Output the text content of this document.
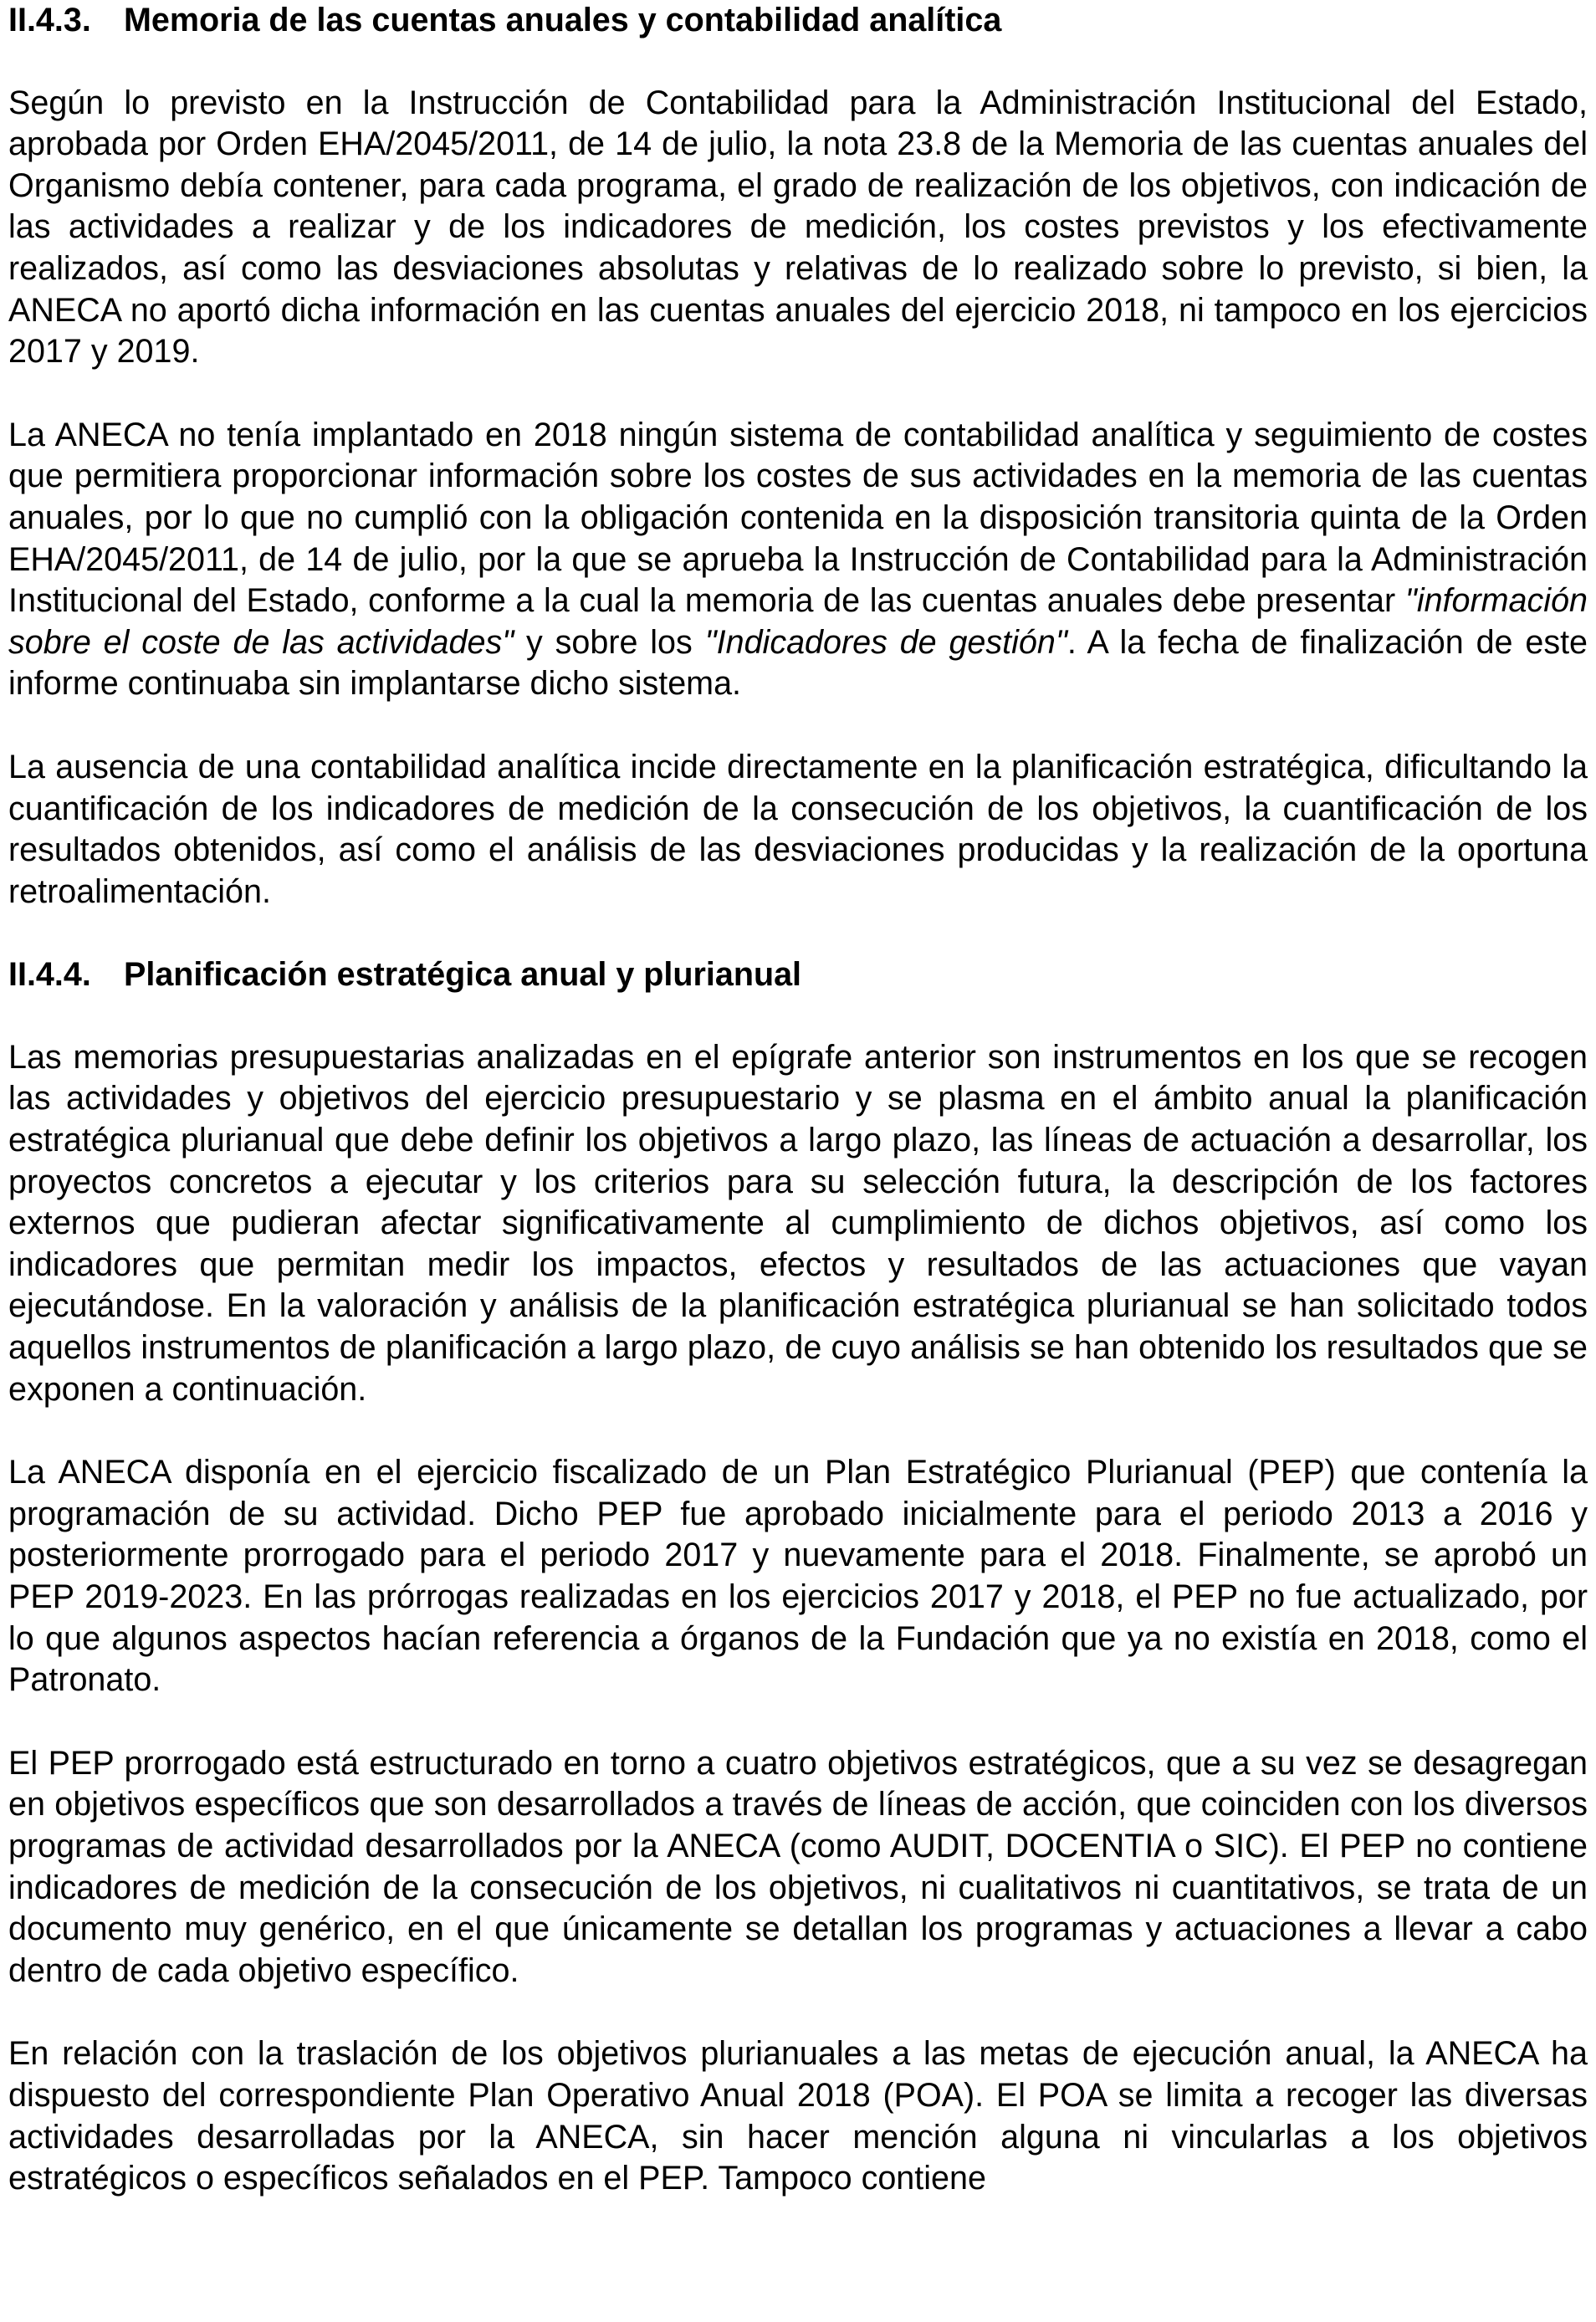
II.4.3. Memoria de las cuentas anuales y contabilidad analítica

Según lo previsto en la Instrucción de Contabilidad para la Administración Institucional del Estado, aprobada por Orden EHA/2045/2011, de 14 de julio, la nota 23.8 de la Memoria de las cuentas anuales del Organismo debía contener, para cada programa, el grado de realización de los objetivos, con indicación de las actividades a realizar y de los indicadores de medición, los costes previstos y los efectivamente realizados, así como las desviaciones absolutas y relativas de lo realizado sobre lo previsto, si bien, la ANECA no aportó dicha información en las cuentas anuales del ejercicio 2018, ni tampoco en los ejercicios 2017 y 2019.

La ANECA no tenía implantado en 2018 ningún sistema de contabilidad analítica y seguimiento de costes que permitiera proporcionar información sobre los costes de sus actividades en la memoria de las cuentas anuales, por lo que no cumplió con la obligación contenida en la disposición transitoria quinta de la Orden EHA/2045/2011, de 14 de julio, por la que se aprueba la Instrucción de Contabilidad para la Administración Institucional del Estado, conforme a la cual la memoria de las cuentas anuales debe presentar "información sobre el coste de las actividades" y sobre los "Indicadores de gestión". A la fecha de finalización de este informe continuaba sin implantarse dicho sistema.

La ausencia de una contabilidad analítica incide directamente en la planificación estratégica, dificultando la cuantificación de los indicadores de medición de la consecución de los objetivos, la cuantificación de los resultados obtenidos, así como el análisis de las desviaciones producidas y la realización de la oportuna retroalimentación.

II.4.4. Planificación estratégica anual y plurianual

Las memorias presupuestarias analizadas en el epígrafe anterior son instrumentos en los que se recogen las actividades y objetivos del ejercicio presupuestario y se plasma en el ámbito anual la planificación estratégica plurianual que debe definir los objetivos a largo plazo, las líneas de actuación a desarrollar, los proyectos concretos a ejecutar y los criterios para su selección futura, la descripción de los factores externos que pudieran afectar significativamente al cumplimiento de dichos objetivos, así como los indicadores que permitan medir los impactos, efectos y resultados de las actuaciones que vayan ejecutándose. En la valoración y análisis de la planificación estratégica plurianual se han solicitado todos aquellos instrumentos de planificación a largo plazo, de cuyo análisis se han obtenido los resultados que se exponen a continuación.

La ANECA disponía en el ejercicio fiscalizado de un Plan Estratégico Plurianual (PEP) que contenía la programación de su actividad. Dicho PEP fue aprobado inicialmente para el periodo 2013 a 2016 y posteriormente prorrogado para el periodo 2017 y nuevamente para el 2018. Finalmente, se aprobó un PEP 2019-2023. En las prórrogas realizadas en los ejercicios 2017 y 2018, el PEP no fue actualizado, por lo que algunos aspectos hacían referencia a órganos de la Fundación que ya no existía en 2018, como el Patronato.

El PEP prorrogado está estructurado en torno a cuatro objetivos estratégicos, que a su vez se desagregan en objetivos específicos que son desarrollados a través de líneas de acción, que coinciden con los diversos programas de actividad desarrollados por la ANECA (como AUDIT, DOCENTIA o SIC). El PEP no contiene indicadores de medición de la consecución de los objetivos, ni cualitativos ni cuantitativos, se trata de un documento muy genérico, en el que únicamente se detallan los programas y actuaciones a llevar a cabo dentro de cada objetivo específico.

En relación con la traslación de los objetivos plurianuales a las metas de ejecución anual, la ANECA ha dispuesto del correspondiente Plan Operativo Anual 2018 (POA). El POA se limita a recoger las diversas actividades desarrolladas por la ANECA, sin hacer mención alguna ni vincularlas a los objetivos estratégicos o específicos señalados en el PEP. Tampoco contiene
